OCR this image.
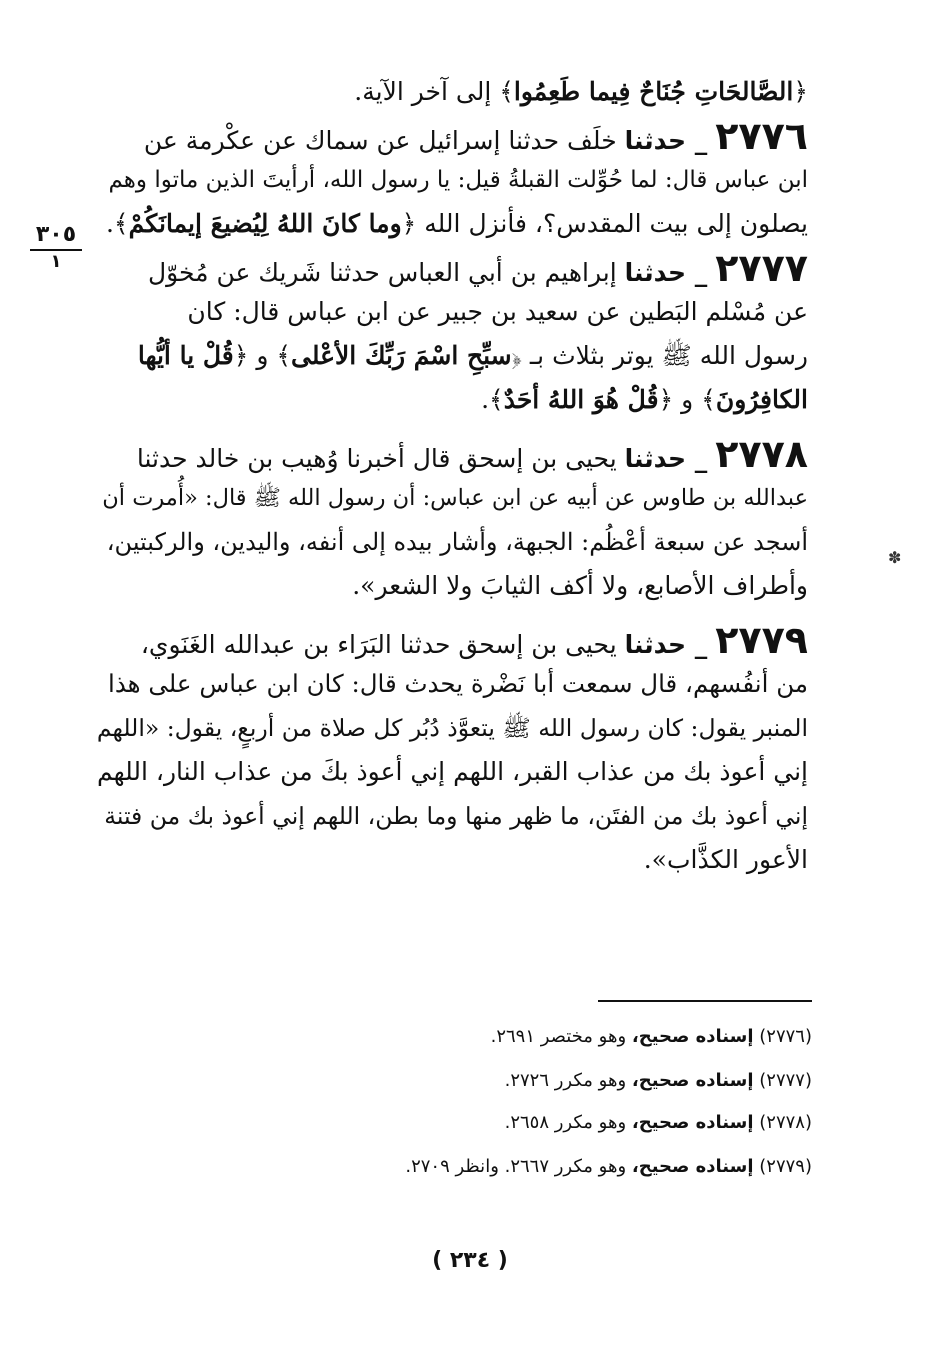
﴿الصَّالحَاتِ جُنَاحٌ فِيما طَعِمُوا﴾ إلى آخر الآية.
٢٧٧٦ _ حدثنا خلَف حدثنا إسرائيل عن سماك عن عكْرمة عن
ابن عباس قال: لما حُوِّلت القبلةُ قيل: يا رسول الله، أرأيتَ الذين ماتوا وهم
يصلون إلى بيت المقدس؟، فأنزل الله ﴿وما كانَ اللهُ لِيُضيعَ إيمانَكُمْ﴾.
٢٧٧٧ _ حدثنا إبراهيم بن أبي العباس حدثنا شَريك عن مُخوّل
عن مُسْلم البَطين عن سعيد بن جبير عن ابن عباس قال: كان
رسول الله ﷺ يوتر بثلاث بـ ﴿سبِّحِ اسْمَ رَبِّكَ الأعْلى﴾ و ﴿قُلْ يا أيُّها
الكافِرُونَ﴾ و ﴿قُلْ هُوَ اللهُ أحَدٌ﴾.
٢٧٧٨ _ حدثنا يحيى بن إسحق قال أخبرنا وُهيب بن خالد حدثنا
عبدالله بن طاوس عن أبيه عن ابن عباس: أن رسول الله ﷺ قال: «أُمرت أن
أسجد عن سبعة أعْظُم: الجبهة، وأشار بيده إلى أنفه، واليدين، والركبتين،
وأطراف الأصابع، ولا أكف الثيابَ ولا الشعر».
٢٧٧٩ _ حدثنا يحيى بن إسحق حدثنا البَرَاء بن عبدالله الغَنَوي،
من أنفُسهم، قال سمعت أبا نَضْرة يحدث قال: كان ابن عباس على هذا
المنبر يقول: كان رسول الله ﷺ يتعوَّذ دُبُر كل صلاة من أربعٍ، يقول: «اللهم
إني أعوذ بك من عذاب القبر، اللهم إني أعوذ بكَ من عذاب النار، اللهم
إني أعوذ بك من الفتَن، ما ظهر منها وما بطن، اللهم إني أعوذ بك من فتنة
الأعور الكذَّاب».
٣٠٥
١
✽
(٢٧٧٦) إسناده صحيح، وهو مختصر ٢٦٩١.
(٢٧٧٧) إسناده صحيح، وهو مكرر ٢٧٢٦.
(٢٧٧٨) إسناده صحيح، وهو مكرر ٢٦٥٨.
(٢٧٧٩) إسناده صحيح، وهو مكرر ٢٦٦٧. وانظر ٢٧٠٩.
( ٢٣٤ )
